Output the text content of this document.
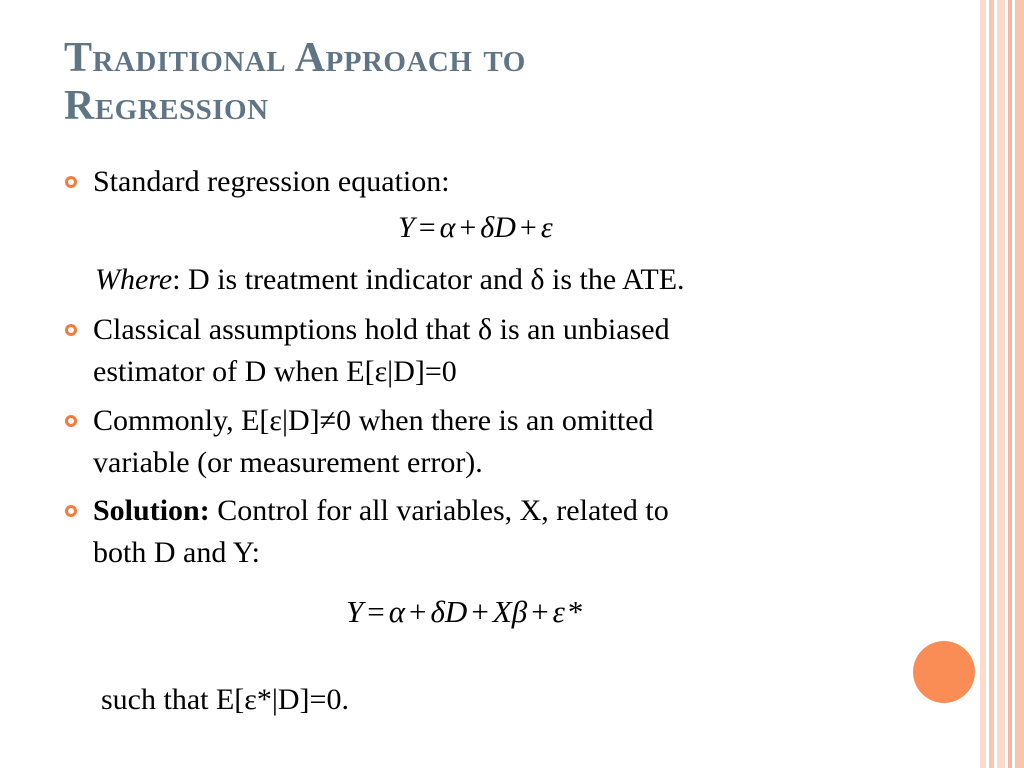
Traditional Approach to
Regression
Standard regression equation:
Y = α + δD + ε
Where: D is treatment indicator and δ is the ATE.
Classical assumptions hold that δ is an unbiased
estimator of D when E[ε|D]=0
Commonly, E[ε|D]≠0 when there is an omitted
variable (or measurement error).
Solution: Control for all variables, X, related to
both D and Y:
Y = α + δD + Xβ + ε*
such that E[ε*|D]=0.
